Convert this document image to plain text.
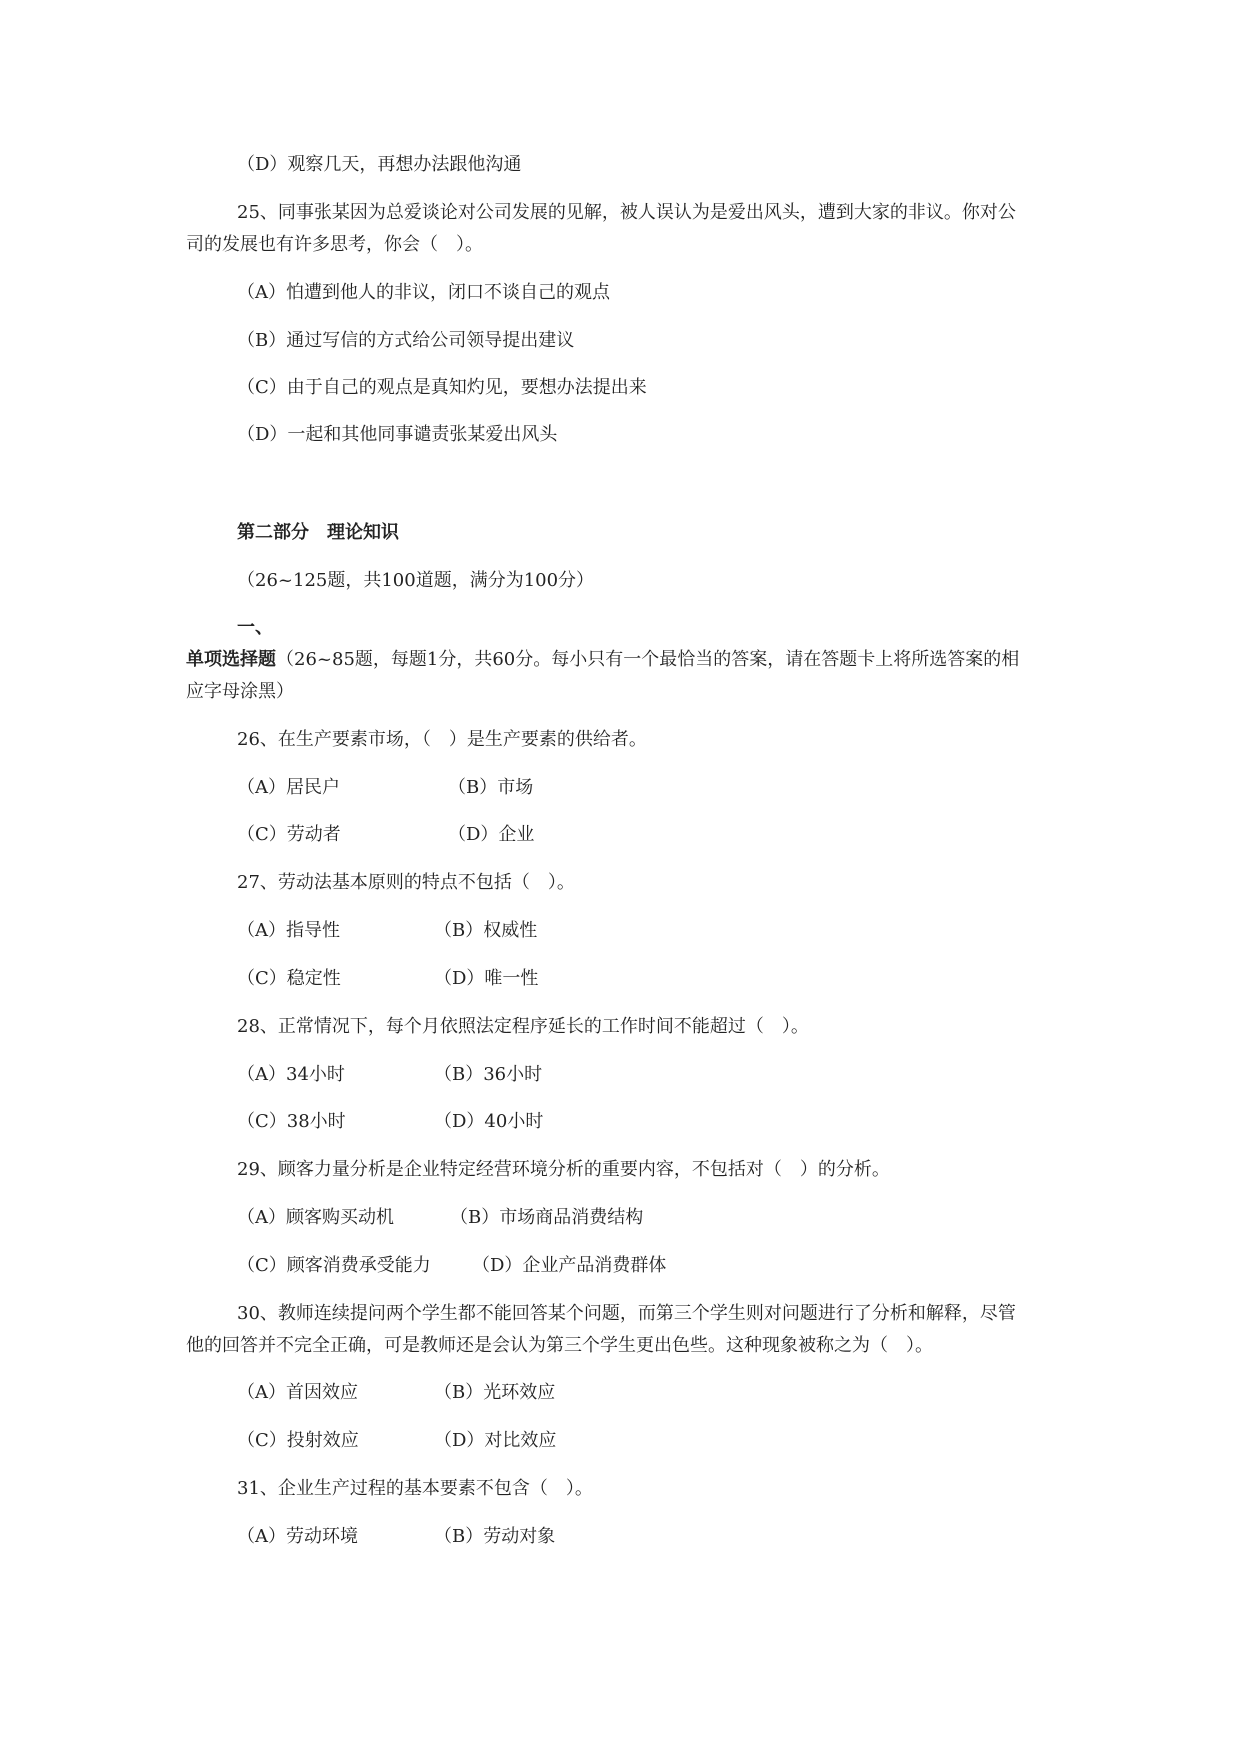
（D）观察几天，再想办法跟他沟通
25、同事张某因为总爱谈论对公司发展的见解，被人误认为是爱出风头，遭到大家的非议。你对公
司的发展也有许多思考，你会（　）。
（A）怕遭到他人的非议，闭口不谈自己的观点
（B）通过写信的方式给公司领导提出建议
（C）由于自己的观点是真知灼见，要想办法提出来
（D）一起和其他同事谴责张某爱出风头
第二部分　理论知识
（26~125题，共100道题，满分为100分）
一、
单项选择题（26~85题，每题1分，共60分。每小只有一个最恰当的答案，请在答题卡上将所选答案的相
应字母涂黑）
26、在生产要素市场，（　）是生产要素的供给者。
（A）居民户	（B）市场
（C）劳动者	（D）企业
27、劳动法基本原则的特点不包括（　）。
（A）指导性	（B）权威性
（C）稳定性	（D）唯一性
28、正常情况下，每个月依照法定程序延长的工作时间不能超过（　）。
（A）34小时	（B）36小时
（C）38小时	（D）40小时
29、顾客力量分析是企业特定经营环境分析的重要内容，不包括对（　）的分析。
（A）顾客购买动机	（B）市场商品消费结构
（C）顾客消费承受能力 （D）企业产品消费群体
30、教师连续提问两个学生都不能回答某个问题，而第三个学生则对问题进行了分析和解释，尽管
他的回答并不完全正确，可是教师还是会认为第三个学生更出色些。这种现象被称之为（　）。
（A）首因效应	（B）光环效应
（C）投射效应	（D）对比效应
31、企业生产过程的基本要素不包含（　）。
（A）劳动环境	（B）劳动对象
